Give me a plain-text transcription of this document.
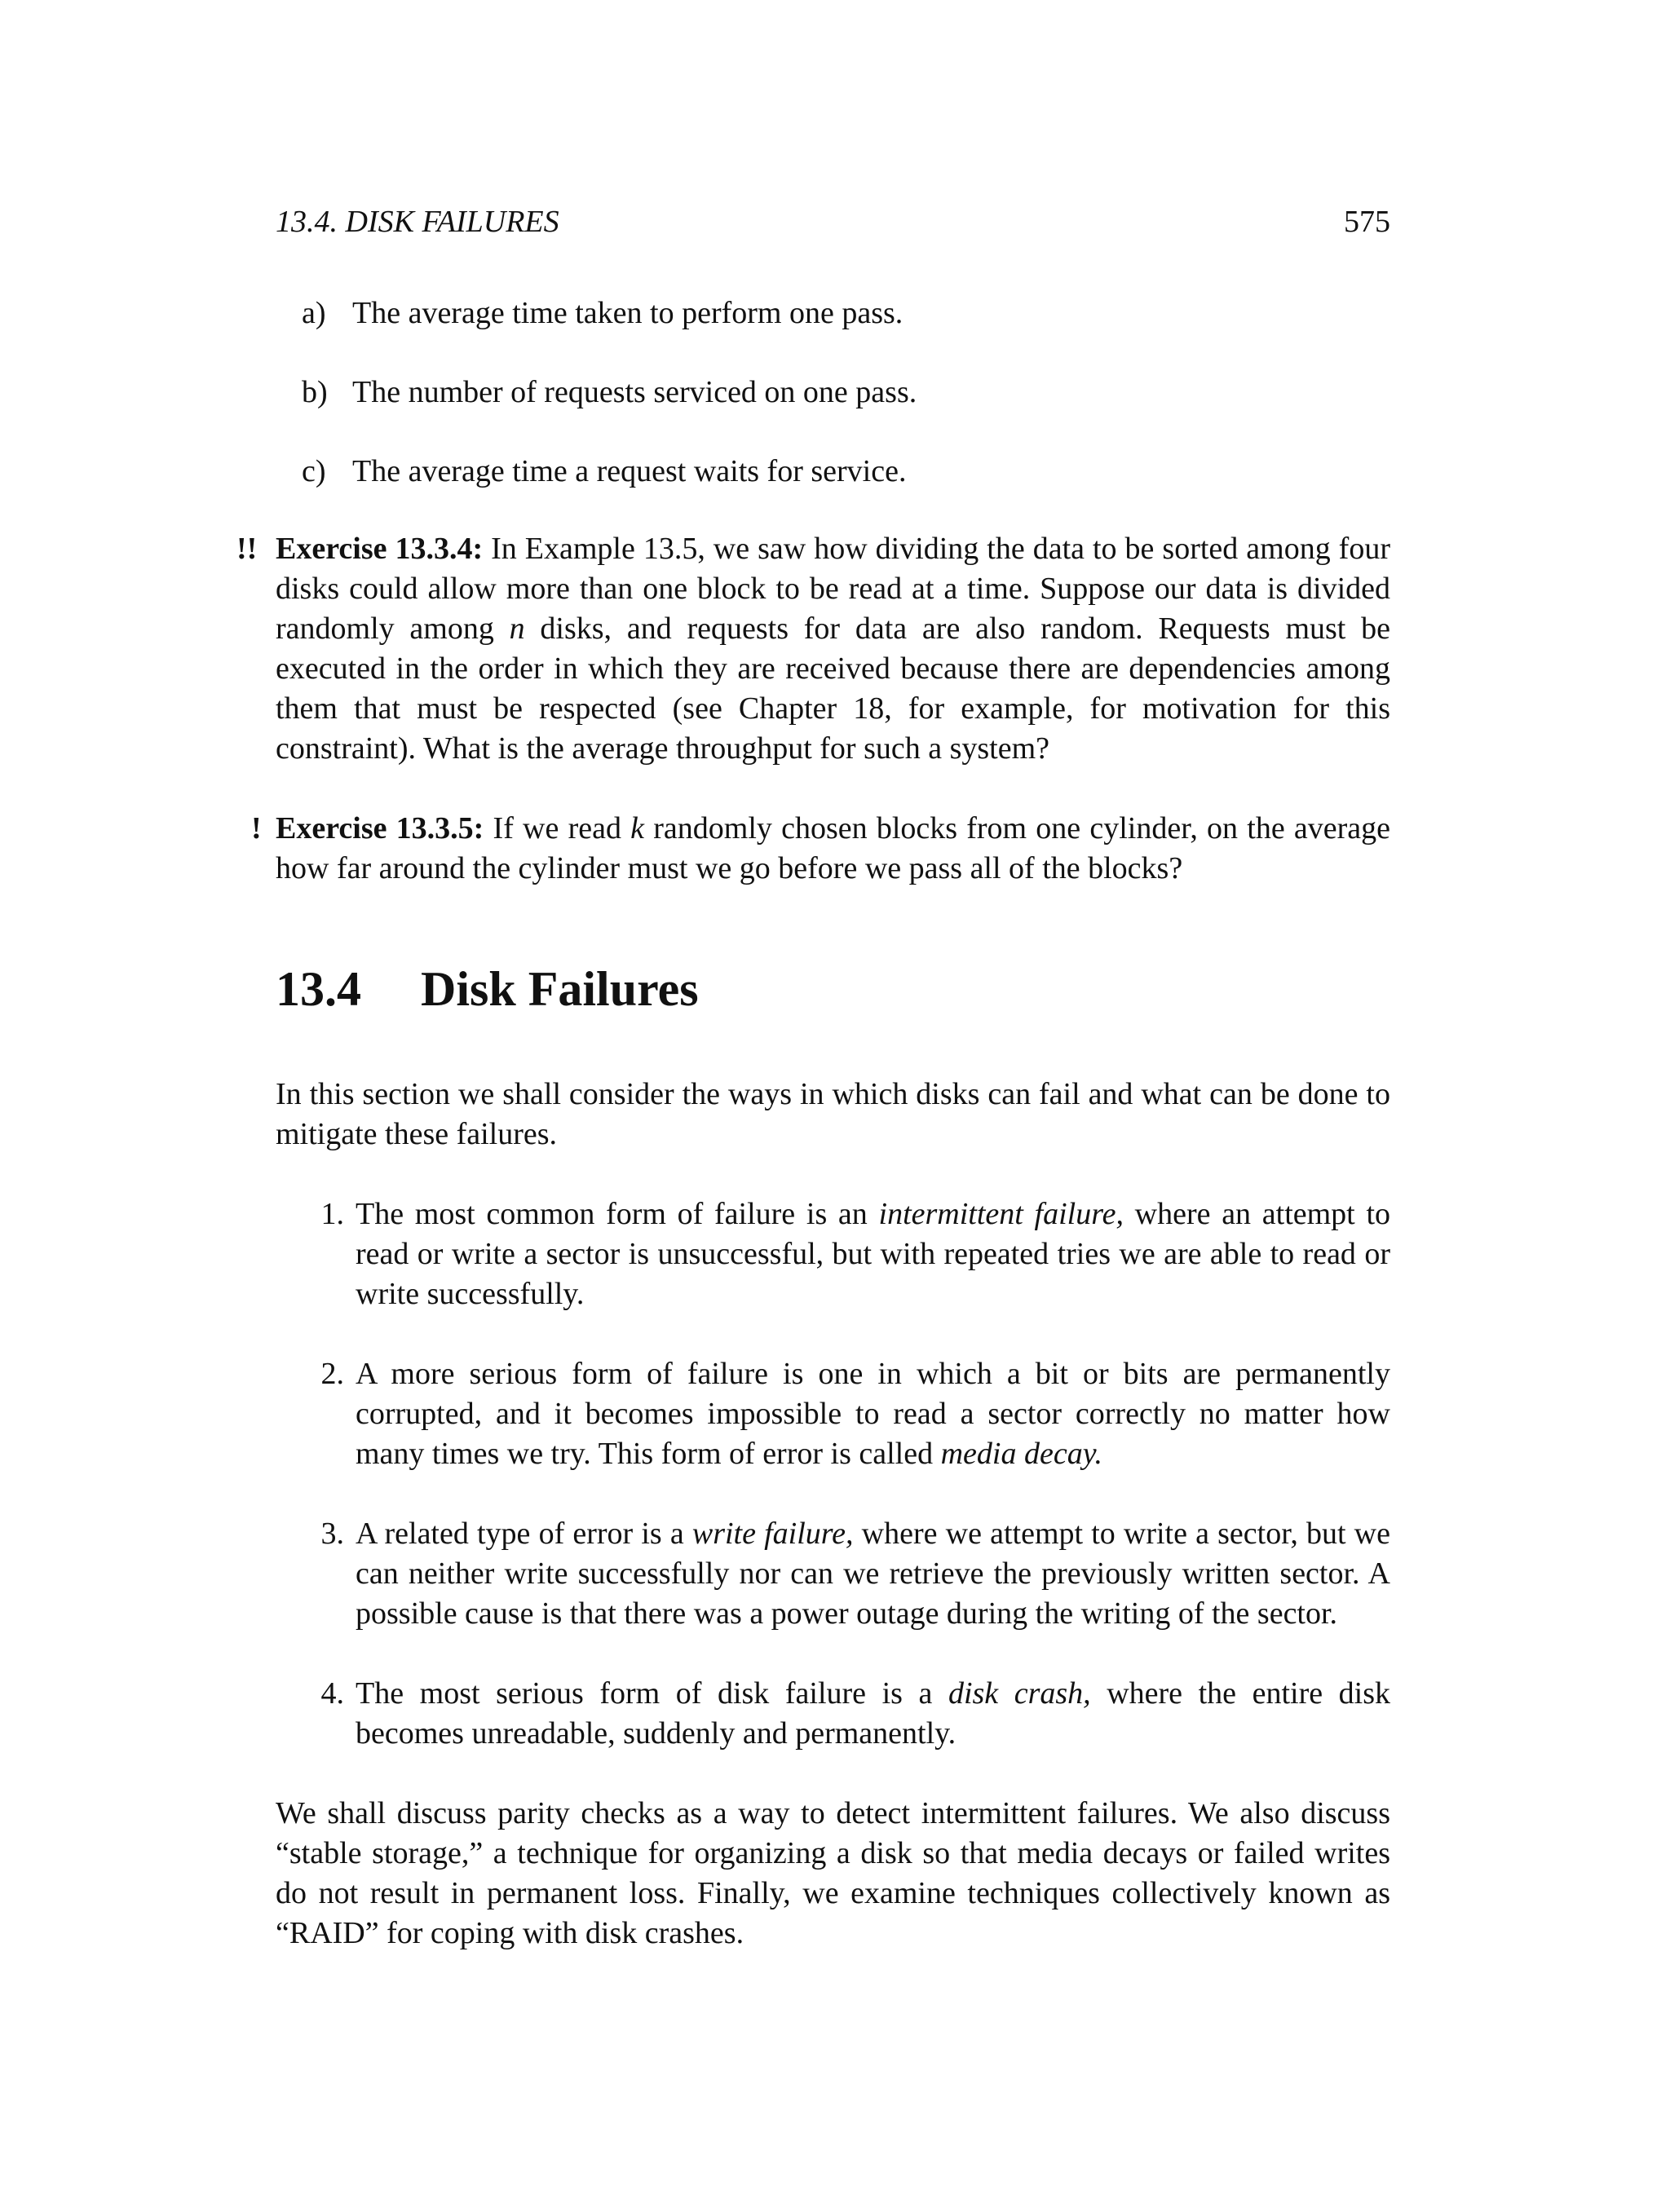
13.4. DISK FAILURES	575
a) The average time taken to perform one pass.
b) The number of requests serviced on one pass.
c) The average time a request waits for service.

!! Exercise 13.3.4: In Example 13.5, we saw how dividing the data to be sorted among four disks could allow more than one block to be read at a time. Suppose our data is divided randomly among n disks, and requests for data are also random. Requests must be executed in the order in which they are received because there are dependencies among them that must be respected (see Chapter 18, for example, for motivation for this constraint). What is the average throughput for such a system?

! Exercise 13.3.5: If we read k randomly chosen blocks from one cylinder, on the average how far around the cylinder must we go before we pass all of the blocks?

13.4 Disk Failures

In this section we shall consider the ways in which disks can fail and what can be done to mitigate these failures.

1. The most common form of failure is an intermittent failure, where an attempt to read or write a sector is unsuccessful, but with repeated tries we are able to read or write successfully.
2. A more serious form of failure is one in which a bit or bits are permanently corrupted, and it becomes impossible to read a sector correctly no matter how many times we try. This form of error is called media decay.
3. A related type of error is a write failure, where we attempt to write a sector, but we can neither write successfully nor can we retrieve the previously written sector. A possible cause is that there was a power outage during the writing of the sector.
4. The most serious form of disk failure is a disk crash, where the entire disk becomes unreadable, suddenly and permanently.

We shall discuss parity checks as a way to detect intermittent failures. We also discuss “stable storage,” a technique for organizing a disk so that media decays or failed writes do not result in permanent loss. Finally, we examine techniques collectively known as “RAID” for coping with disk crashes.
